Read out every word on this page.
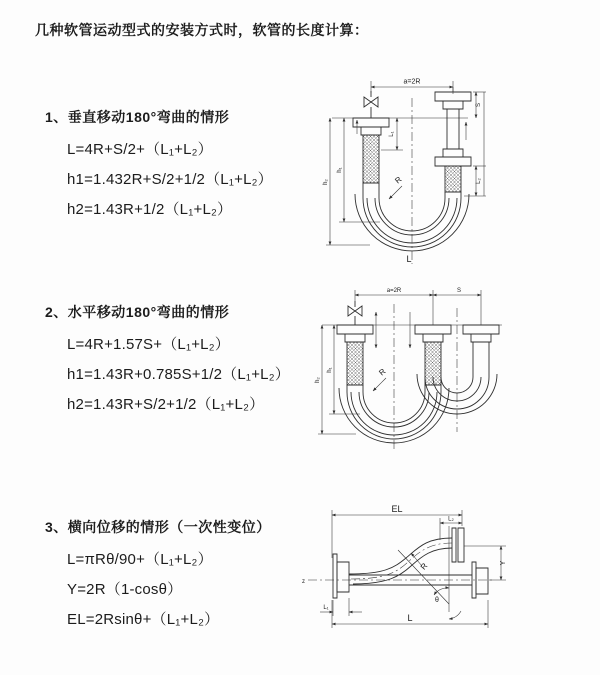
几种软管运动型式的安装方式时，软管的长度计算：
1、垂直移动180°弯曲的情形
L=4R+S/2+（L₁+L₂）
h1=1.432R+S/2+1/2（L₁+L₂）
h2=1.43R+1/2（L₁+L₂）
2、水平移动180°弯曲的情形
L=4R+1.57S+（L₁+L₂）
h1=1.43R+0.785S+1/2（L₁+L₂）
h2=1.43R+S/2+1/2（L₁+L₂）
3、横向位移的情形（一次性变位）
L=πRθ/90+（L₁+L₂）
Y=2R（1-cosθ）
EL=2Rsinθ+（L₁+L₂）
a=2R
L₁
S
L₂
h₁
h₂	R
L
a=2R	S
h₁
h₂
R
EL
L₂
Y
z
θ
R
L₁
L
